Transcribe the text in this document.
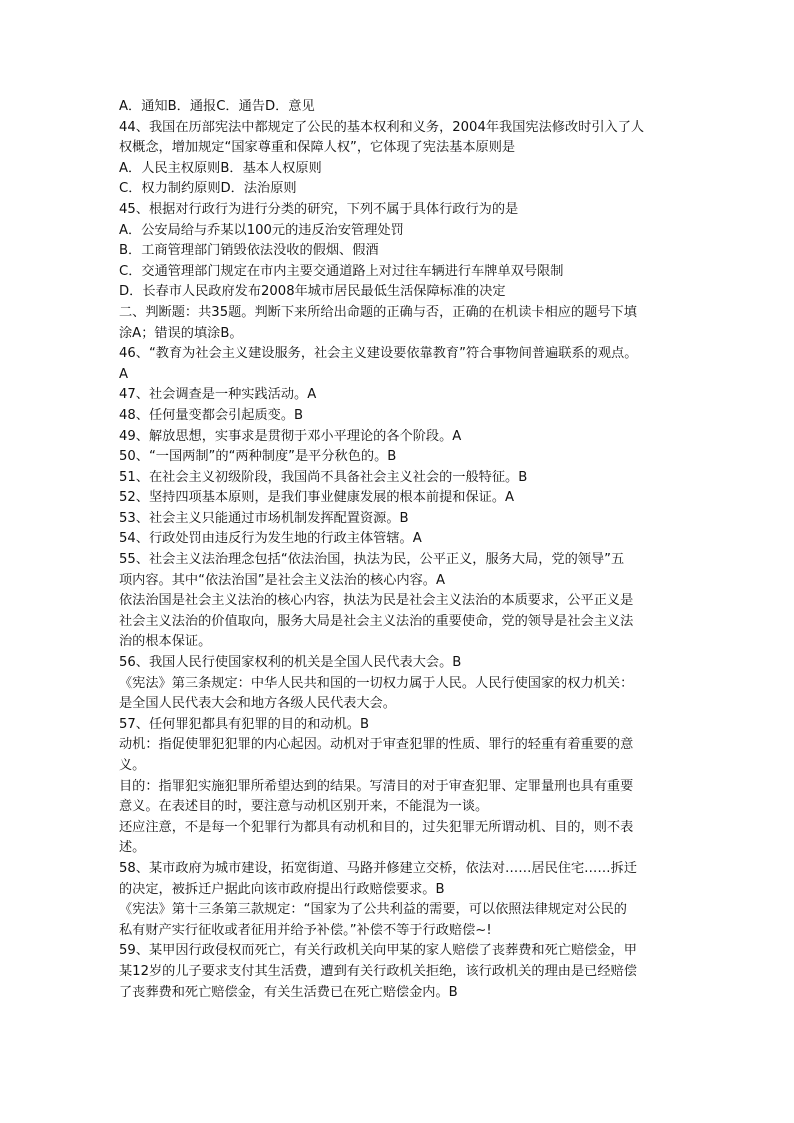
A．通知B．通报C．通告D．意见
44、我国在历部宪法中都规定了公民的基本权利和义务，2004年我国宪法修改时引入了人
权概念，增加规定“国家尊重和保障人权”，它体现了宪法基本原则是
A．人民主权原则B．基本人权原则
C．权力制约原则D．法治原则
45、根据对行政行为进行分类的研究，下列不属于具体行政行为的是
A．公安局给与乔某以100元的违反治安管理处罚
B．工商管理部门销毁依法没收的假烟、假酒
C．交通管理部门规定在市内主要交通道路上对过往车辆进行车牌单双号限制
D．长春市人民政府发布2008年城市居民最低生活保障标准的决定
二、判断题：共35题。判断下来所给出命题的正确与否，正确的在机读卡相应的题号下填
涂A；错误的填涂B。
46、“教育为社会主义建设服务，社会主义建设要依靠教育”符合事物间普遍联系的观点。
A
47、社会调查是一种实践活动。A
48、任何量变都会引起质变。B
49、解放思想，实事求是贯彻于邓小平理论的各个阶段。A
50、“一国两制”的“两种制度”是平分秋色的。B
51、在社会主义初级阶段，我国尚不具备社会主义社会的一般特征。B
52、坚持四项基本原则，是我们事业健康发展的根本前提和保证。A
53、社会主义只能通过市场机制发挥配置资源。B
54、行政处罚由违反行为发生地的行政主体管辖。A
55、社会主义法治理念包括“依法治国，执法为民，公平正义，服务大局，党的领导”五
项内容。其中“依法治国”是社会主义法治的核心内容。A
依法治国是社会主义法治的核心内容，执法为民是社会主义法治的本质要求，公平正义是
社会主义法治的价值取向，服务大局是社会主义法治的重要使命，党的领导是社会主义法
治的根本保证。
56、我国人民行使国家权利的机关是全国人民代表大会。B
《宪法》第三条规定：中华人民共和国的一切权力属于人民。人民行使国家的权力机关：
是全国人民代表大会和地方各级人民代表大会。
57、任何罪犯都具有犯罪的目的和动机。B
动机：指促使罪犯犯罪的内心起因。动机对于审查犯罪的性质、罪行的轻重有着重要的意
义。
目的：指罪犯实施犯罪所希望达到的结果。写清目的对于审查犯罪、定罪量刑也具有重要
意义。在表述目的时，要注意与动机区别开来，不能混为一谈。
还应注意，不是每一个犯罪行为都具有动机和目的，过失犯罪无所谓动机、目的，则不表
述。
58、某市政府为城市建设，拓宽街道、马路并修建立交桥，依法对……居民住宅……拆迁
的决定，被拆迁户据此向该市政府提出行政赔偿要求。B
《宪法》第十三条第三款规定：“国家为了公共利益的需要，可以依照法律规定对公民的
私有财产实行征收或者征用并给予补偿。”补偿不等于行政赔偿~!
59、某甲因行政侵权而死亡，有关行政机关向甲某的家人赔偿了丧葬费和死亡赔偿金，甲
某12岁的儿子要求支付其生活费，遭到有关行政机关拒绝，该行政机关的理由是已经赔偿
了丧葬费和死亡赔偿金，有关生活费已在死亡赔偿金内。B
